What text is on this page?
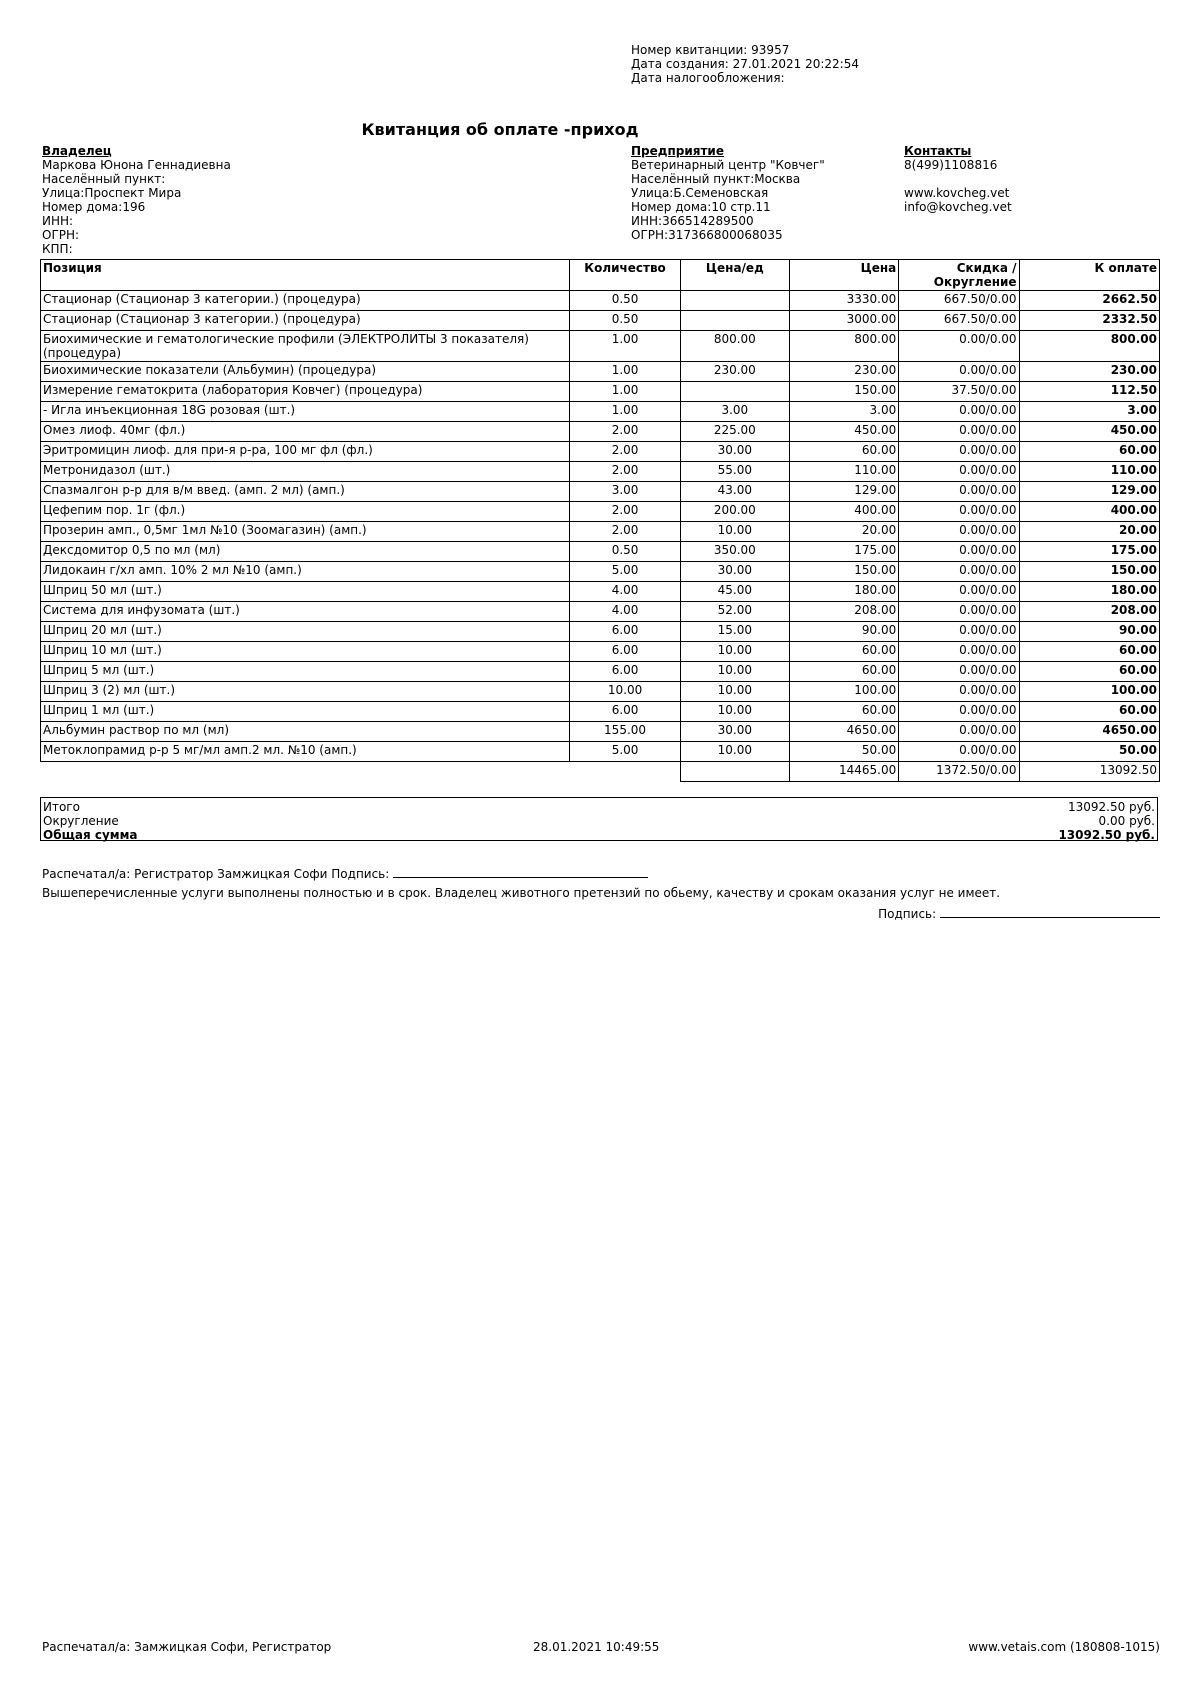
Номер квитанции: 93957
Дата создания: 27.01.2021 20:22:54
Дата налогообложения:
Квитанция об оплате -приход
Владелец
Маркова Юнона Геннадиевна
Населённый пункт:
Улица:Проспект Мира
Номер дома:196
ИНН:
ОГРН:
КПП:
Предприятие
Ветеринарный центр "Ковчег"
Населённый пункт:Москва
Улица:Б.Семеновская
Номер дома:10 стр.11
ИНН:366514289500
ОГРН:317366800068035
Контакты
8(499)1108816

www.kovcheg.vet
info@kovcheg.vet
Позиция	Количество	Цена/ед	Цена	Скидка / Округление	К оплате
Стационар (Стационар 3 категории.) (процедура)	0.50		3330.00	667.50/0.00	2662.50
Стационар (Стационар 3 категории.) (процедура)	0.50		3000.00	667.50/0.00	2332.50
Биохимические и гематологические профили (ЭЛЕКТРОЛИТЫ 3 показателя) (процедура)	1.00	800.00	800.00	0.00/0.00	800.00
Биохимические показатели (Альбумин) (процедура)	1.00	230.00	230.00	0.00/0.00	230.00
Измерение гематокрита (лаборатория Ковчег) (процедура)	1.00		150.00	37.50/0.00	112.50
- Игла инъекционная 18G розовая (шт.)	1.00	3.00	3.00	0.00/0.00	3.00
Омез лиоф. 40мг (фл.)	2.00	225.00	450.00	0.00/0.00	450.00
Эритромицин лиоф. для при-я р-ра, 100 мг фл (фл.)	2.00	30.00	60.00	0.00/0.00	60.00
Метронидазол (шт.)	2.00	55.00	110.00	0.00/0.00	110.00
Спазмалгон р-р для в/м введ. (амп. 2 мл) (амп.)	3.00	43.00	129.00	0.00/0.00	129.00
Цефепим пор. 1г (фл.)	2.00	200.00	400.00	0.00/0.00	400.00
Прозерин амп., 0,5мг 1мл №10 (Зоомагазин) (амп.)	2.00	10.00	20.00	0.00/0.00	20.00
Дексдомитор 0,5 по мл (мл)	0.50	350.00	175.00	0.00/0.00	175.00
Лидокаин г/хл амп. 10% 2 мл №10 (амп.)	5.00	30.00	150.00	0.00/0.00	150.00
Шприц 50 мл (шт.)	4.00	45.00	180.00	0.00/0.00	180.00
Система для инфузомата (шт.)	4.00	52.00	208.00	0.00/0.00	208.00
Шприц 20 мл (шт.)	6.00	15.00	90.00	0.00/0.00	90.00
Шприц 10 мл (шт.)	6.00	10.00	60.00	0.00/0.00	60.00
Шприц 5 мл (шт.)	6.00	10.00	60.00	0.00/0.00	60.00
Шприц 3 (2) мл (шт.)	10.00	10.00	100.00	0.00/0.00	100.00
Шприц 1 мл (шт.)	6.00	10.00	60.00	0.00/0.00	60.00
Альбумин раствор по мл (мл)	155.00	30.00	4650.00	0.00/0.00	4650.00
Метоклопрамид р-р 5 мг/мл амп.2 мл. №10 (амп.)	5.00	10.00	50.00	0.00/0.00	50.00
			14465.00	1372.50/0.00	13092.50
Итого	13092.50 руб.
Округление	0.00 руб.
Общая сумма	13092.50 руб.
Распечатал/а: Регистратор Замжицкая Софи Подпись:
Вышеперечисленные услуги выполнены полностью и в срок. Владелец животного претензий по обьему, качеству и срокам оказания услуг не имеет.
Подпись:
Распечатал/а: Замжицкая Софи, Регистратор	28.01.2021 10:49:55	www.vetais.com (180808-1015)
